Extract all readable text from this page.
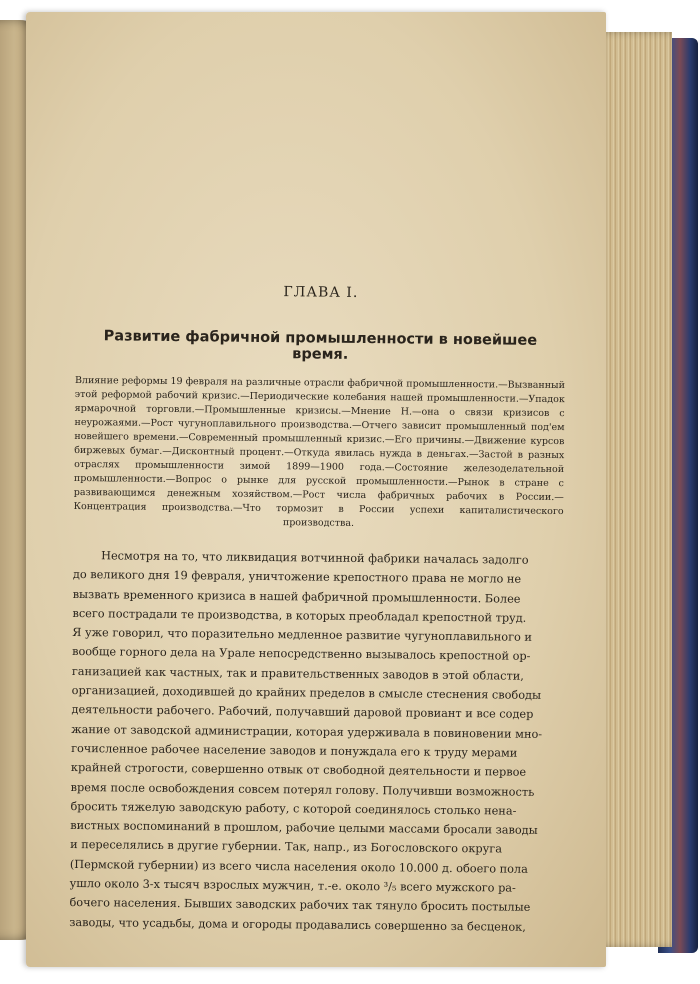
ГЛАВА I.

Развитие фабричной промышленности в новейшее время.

Влияние реформы 19 февраля на различные отрасли фабричной промышленности.—Вызванный этой реформой рабочий кризис.—Периодические колебания нашей промышленности.—Упадок ярмарочной торговли.—Промышленные кризисы.—Мнение Н.—она о связи кризисов с неурожаями.—Рост чугуноплавильного производства.—Отчего зависит промышленный под'ем новейшего времени.—Современный промышленный кризис.—Его причины.—Движение курсов биржевых бумаг.—Дисконтный процент.—Откуда явилась нужда в деньгах.—Застой в разных отраслях промышленности зимой 1899—1900 года.—Состояние железоделательной промышленности.—Вопрос о рынке для русской промышленности.—Рынок в стране с развивающимся денежным хозяйством.—Рост числа фабричных рабочих в России.—Концентрация производства.—Что тормозит в России успехи капиталистического производства.

Несмотря на то, что ликвидация вотчинной фабрики началась задолго

до великого дня 19 февраля, уничтожение крепостного права не могло не

вызвать временного кризиса в нашей фабричной промышленности. Более

всего пострадали те производства, в которых преобладал крепостной труд.

Я уже говорил, что поразительно медленное развитие чугуноплавильного и

вообще горного дела на Урале непосредственно вызывалось крепостной ор-

ганизацией как частных, так и правительственных заводов в этой области,

организацией, доходившей до крайних пределов в смысле стеснения свободы

деятельности рабочего. Рабочий, получавший даровой провиант и все содер

жание от заводской администрации, которая удерживала в повиновении мно-

гочисленное рабочее население заводов и понуждала его к труду мерами

крайней строгости, совершенно отвык от свободной деятельности и первое

время после освобождения совсем потерял голову. Получивши возможность

бросить тяжелую заводскую работу, с которой соединялось столько нена-

вистных воспоминаний в прошлом, рабочие целыми массами бросали заводы

и переселялись в другие губернии. Так, напр., из Богословского округа

(Пермской губернии) из всего числа населения около 10.000 д. обоего пола

ушло около 3-х тысяч взрослых мужчин, т.-е. около ³/₅ всего мужского ра-

бочего населения. Бывших заводских рабочих так тянуло бросить постылые

заводы, что усадьбы, дома и огороды продавались совершенно за бесценок,
